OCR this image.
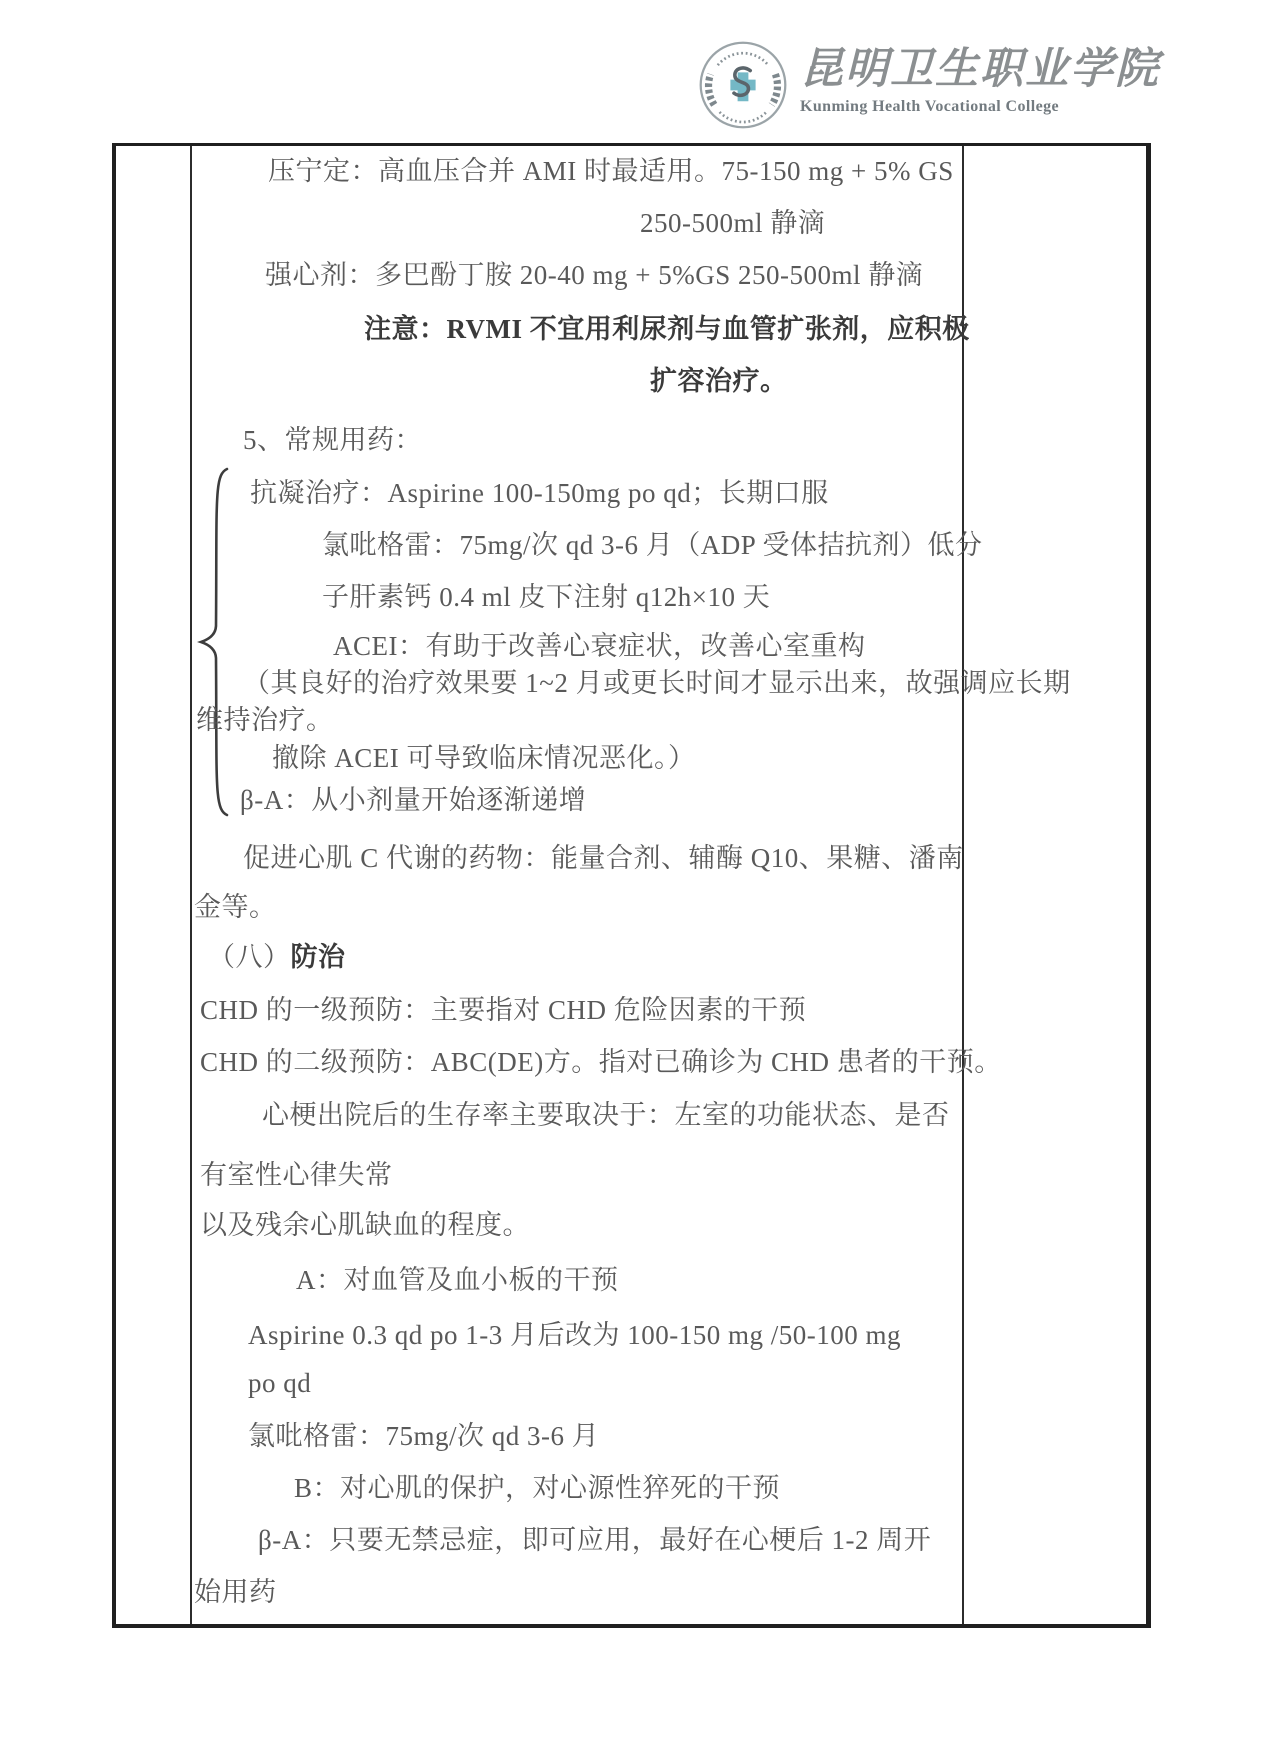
昆明卫生职业学院
Kunming Health Vocational College
压宁定：高血压合并 AMI 时最适用。75-150 mg + 5% GS
250-500ml 静滴
强心剂：多巴酚丁胺 20-40 mg + 5%GS 250-500ml 静滴
注意：RVMI 不宜用利尿剂与血管扩张剂，应积极
扩容治疗。
5、常规用药：
抗凝治疗：Aspirine 100-150mg po qd；长期口服
氯吡格雷：75mg/次 qd 3-6 月（ADP 受体拮抗剂）低分
子肝素钙 0.4 ml 皮下注射 q12h×10 天
ACEI：有助于改善心衰症状，改善心室重构
（其良好的治疗效果要 1~2 月或更长时间才显示出来，故强调应长期
维持治疗。
撤除 ACEI 可导致临床情况恶化。）
β-A：从小剂量开始逐渐递增
促进心肌 C 代谢的药物：能量合剂、辅酶 Q10、果糖、潘南
金等。
（八）防治
CHD 的一级预防：主要指对 CHD 危险因素的干预
CHD 的二级预防：ABC(DE)方。指对已确诊为 CHD 患者的干预。
心梗出院后的生存率主要取决于：左室的功能状态、是否
有室性心律失常
以及残余心肌缺血的程度。
A：对血管及血小板的干预
Aspirine 0.3 qd po 1-3 月后改为 100-150 mg /50-100 mg
po qd
氯吡格雷：75mg/次 qd 3-6 月
B：对心肌的保护，对心源性猝死的干预
β-A：只要无禁忌症，即可应用，最好在心梗后 1-2 周开
始用药
